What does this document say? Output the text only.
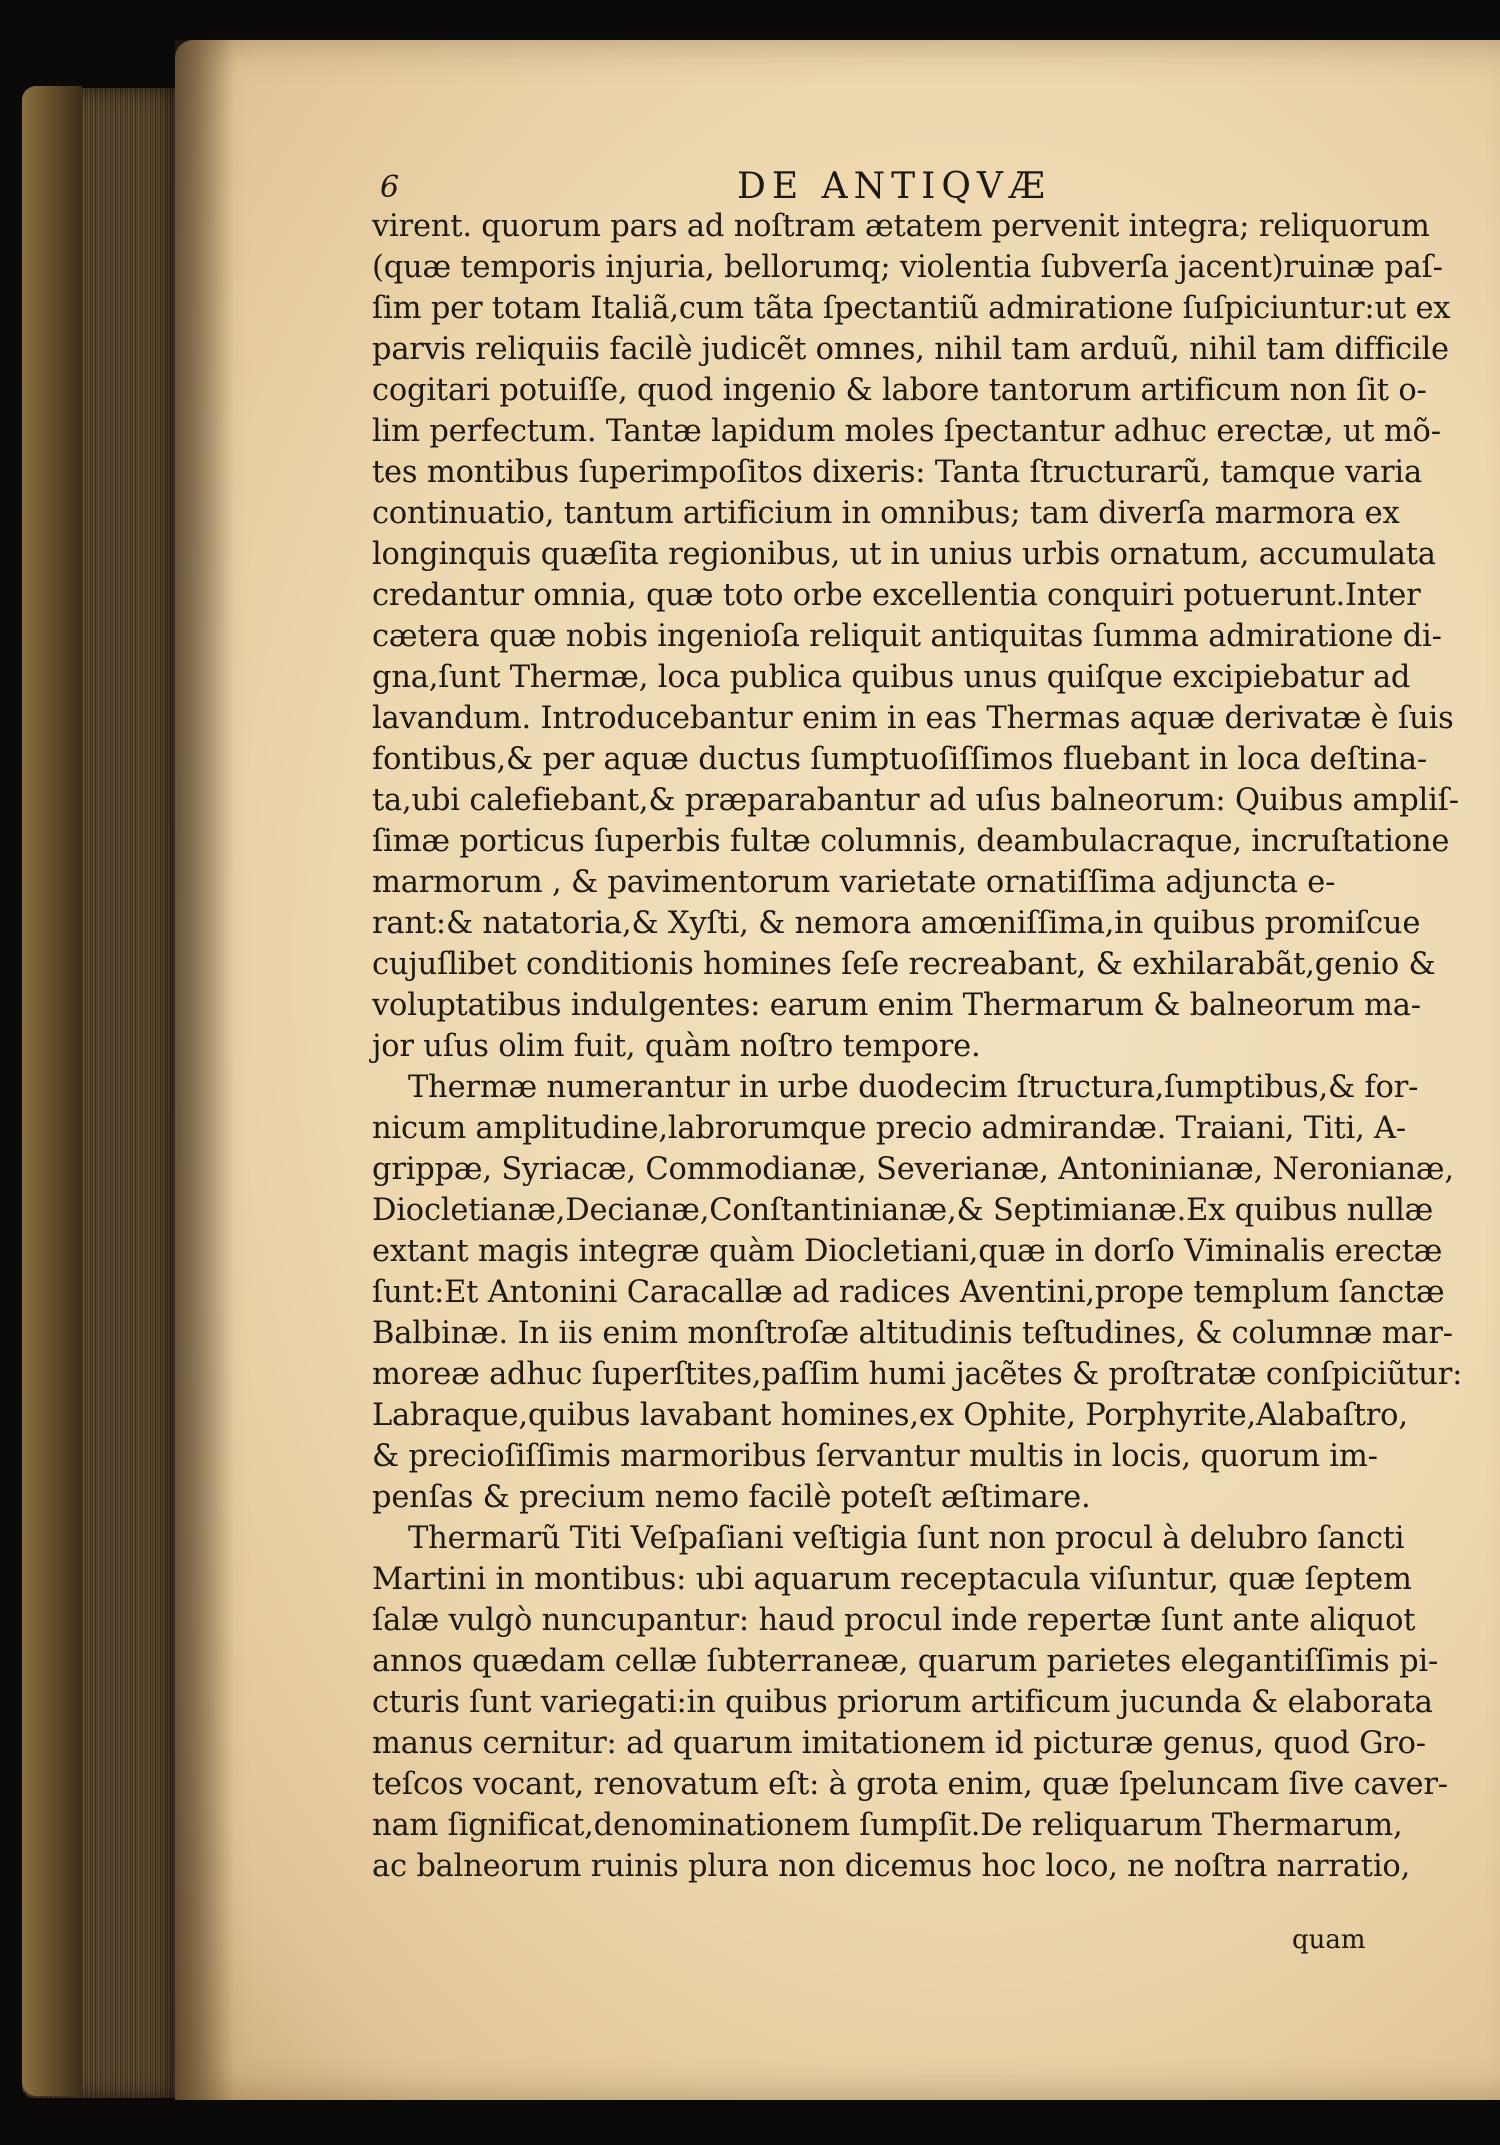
6	DE ANTIQVÆ
virent. quorum pars ad noſtram ætatem pervenit integra; reliquorum
(quæ temporis injuria, bellorumq; violentia ſubverſa jacent)ruinæ paſ-
ſim per totam Italiã,cum tãta ſpectantiũ admiratione ſuſpiciuntur:ut ex
parvis reliquiis facilè judicẽt omnes, nihil tam arduũ, nihil tam difficile
cogitari potuiſſe, quod ingenio & labore tantorum artificum non ſit o-
lim perfectum. Tantæ lapidum moles ſpectantur adhuc erectæ, ut mõ-
tes montibus ſuperimpoſitos dixeris: Tanta ſtructurarũ, tamque varia
continuatio, tantum artificium in omnibus; tam diverſa marmora ex
longinquis quæſita regionibus, ut in unius urbis ornatum, accumulata
credantur omnia, quæ toto orbe excellentia conquiri potuerunt.Inter
cætera quæ nobis ingenioſa reliquit antiquitas ſumma admiratione di-
gna,ſunt Thermæ, loca publica quibus unus quiſque excipiebatur ad
lavandum. Introducebantur enim in eas Thermas aquæ derivatæ è ſuis
fontibus,& per aquæ ductus ſumptuoſiſſimos fluebant in loca deſtina-
ta,ubi calefiebant,& præparabantur ad uſus balneorum: Quibus ampliſ-
ſimæ porticus ſuperbis fultæ columnis, deambulacraque, incruſtatione
marmorum , & pavimentorum varietate ornatiſſima adjuncta e-
rant:& natatoria,& Xyſti, & nemora amœniſſima,in quibus promiſcue
cujuſlibet conditionis homines ſeſe recreabant, & exhilarabãt,genio &
voluptatibus indulgentes: earum enim Thermarum & balneorum ma-
jor uſus olim fuit, quàm noſtro tempore.
Thermæ numerantur in urbe duodecim ſtructura,ſumptibus,& for-
nicum amplitudine,labrorumque precio admirandæ. Traiani, Titi, A-
grippæ, Syriacæ, Commodianæ, Severianæ, Antoninianæ, Neronianæ,
Diocletianæ,Decianæ,Conſtantinianæ,& Septimianæ.Ex quibus nullæ
extant magis integræ quàm Diocletiani,quæ in dorſo Viminalis erectæ
ſunt:Et Antonini Caracallæ ad radices Aventini,prope templum ſanctæ
Balbinæ. In iis enim monſtroſæ altitudinis teſtudines, & columnæ mar-
moreæ adhuc ſuperſtites,paſſim humi jacẽtes & proſtratæ conſpiciũtur:
Labraque,quibus lavabant homines,ex Ophite, Porphyrite,Alabaſtro,
& precioſiſſimis marmoribus ſervantur multis in locis, quorum im-
penſas & precium nemo facilè poteſt æſtimare.
Thermarũ Titi Veſpaſiani veſtigia ſunt non procul à delubro ſancti
Martini in montibus: ubi aquarum receptacula viſuntur, quæ ſeptem
ſalæ vulgò nuncupantur: haud procul inde repertæ ſunt ante aliquot
annos quædam cellæ ſubterraneæ, quarum parietes elegantiſſimis pi-
cturis ſunt variegati:in quibus priorum artificum jucunda & elaborata
manus cernitur: ad quarum imitationem id picturæ genus, quod Gro-
teſcos vocant, renovatum eſt: à grota enim, quæ ſpeluncam ſive caver-
nam ſignificat,denominationem ſumpſit.De reliquarum Thermarum,
ac balneorum ruinis plura non dicemus hoc loco, ne noſtra narratio,
quam
